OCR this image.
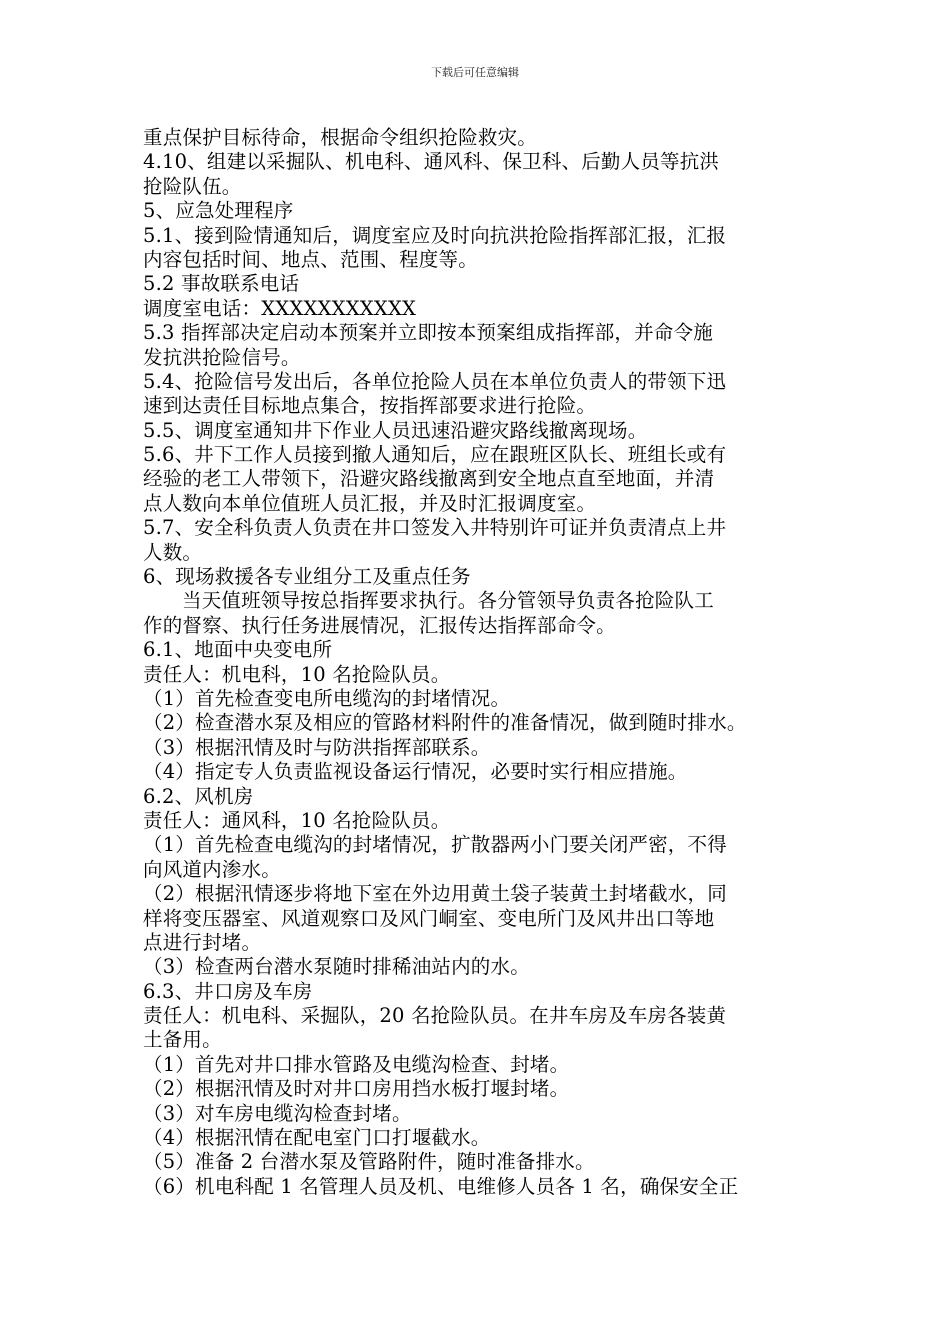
下载后可任意编辑
重点保护目标待命，根据命令组织抢险救灾。
4.10、组建以采掘队、机电科、通风科、保卫科、后勤人员等抗洪
抢险队伍。
5、应急处理程序
5.1、接到险情通知后，调度室应及时向抗洪抢险指挥部汇报，汇报
内容包括时间、地点、范围、程度等。
5.2 事故联系电话
调度室电话：XXXXXXXXXXX
5.3 指挥部决定启动本预案并立即按本预案组成指挥部，并命令施
发抗洪抢险信号。
5.4、抢险信号发出后，各单位抢险人员在本单位负责人的带领下迅
速到达责任目标地点集合，按指挥部要求进行抢险。
5.5、调度室通知井下作业人员迅速沿避灾路线撤离现场。
5.6、井下工作人员接到撤人通知后，应在跟班区队长、班组长或有
经验的老工人带领下，沿避灾路线撤离到安全地点直至地面，并清
点人数向本单位值班人员汇报，并及时汇报调度室。
5.7、安全科负责人负责在井口签发入井特别许可证并负责清点上井
人数。
6、现场救援各专业组分工及重点任务
当天值班领导按总指挥要求执行。各分管领导负责各抢险队工
作的督察、执行任务进展情况，汇报传达指挥部命令。
6.1、地面中央变电所
责任人：机电科，10 名抢险队员。
（1）首先检查变电所电缆沟的封堵情况。
（2）检查潜水泵及相应的管路材料附件的准备情况，做到随时排水。
（3）根据汛情及时与防洪指挥部联系。
（4）指定专人负责监视设备运行情况，必要时实行相应措施。
6.2、风机房
责任人：通风科，10 名抢险队员。
（1）首先检查电缆沟的封堵情况，扩散器两小门要关闭严密，不得
向风道内渗水。
（2）根据汛情逐步将地下室在外边用黄土袋子装黄土封堵截水，同
样将变压器室、风道观察口及风门峒室、变电所门及风井出口等地
点进行封堵。
（3）检查两台潜水泵随时排稀油站内的水。
6.3、井口房及车房
责任人：机电科、采掘队，20 名抢险队员。在井车房及车房各装黄
土备用。
（1）首先对井口排水管路及电缆沟检查、封堵。
（2）根据汛情及时对井口房用挡水板打堰封堵。
（3）对车房电缆沟检查封堵。
（4）根据汛情在配电室门口打堰截水。
（5）准备 2 台潜水泵及管路附件，随时准备排水。
（6）机电科配 1 名管理人员及机、电维修人员各 1 名，确保安全正
